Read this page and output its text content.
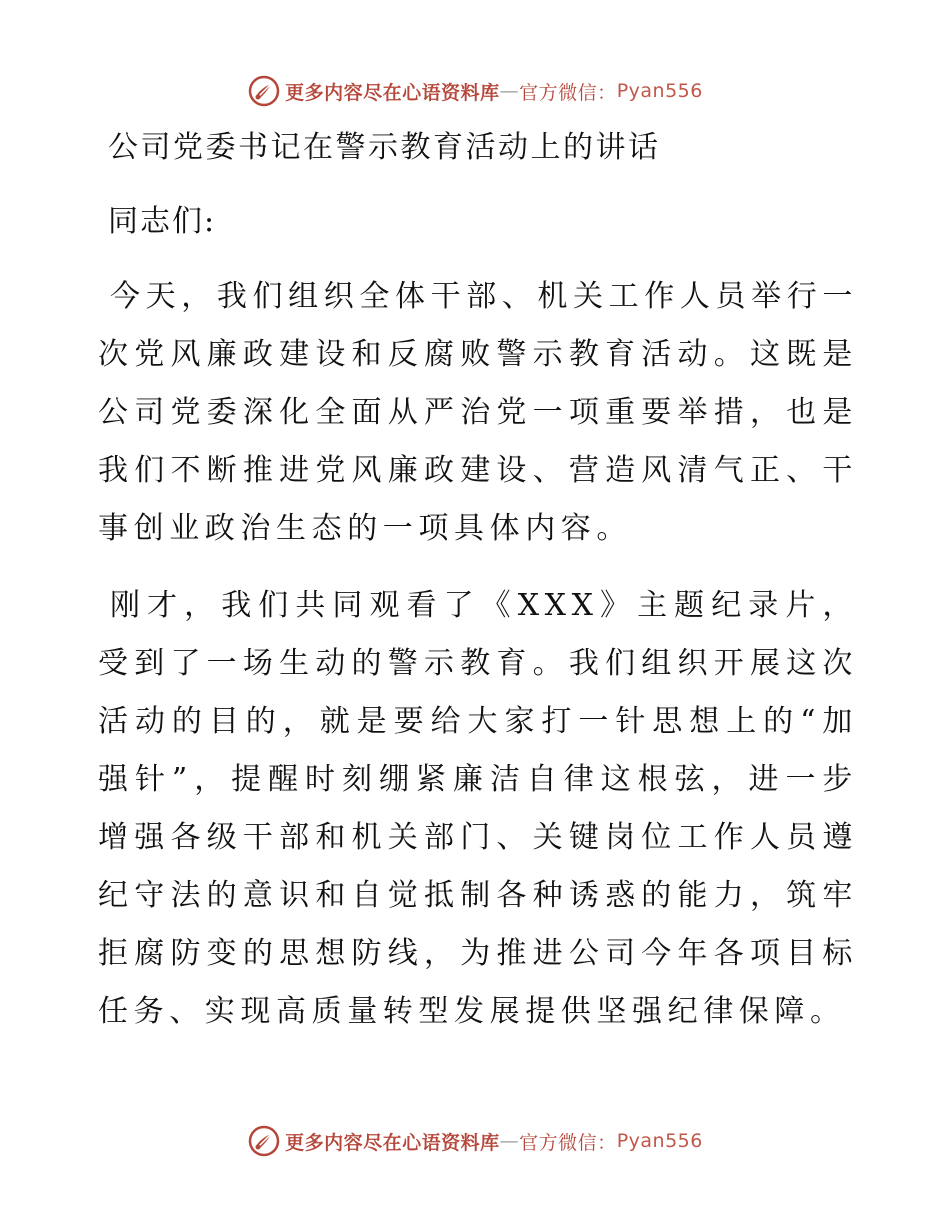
更多内容尽在心语资料库 — 官方微信： Pyan556
公司党委书记在警示教育活动上的讲话

同志们:

今天，我们组织全体干部、机关工作人员举行一次党风廉政建设和反腐败警示教育活动。这既是公司党委深化全面从严治党一项重要举措，也是我们不断推进党风廉政建设、营造风清气正、干事创业政治生态的一项具体内容。

刚才，我们共同观看了《XXX》主题纪录片，受到了一场生动的警示教育。我们组织开展这次活动的目的，就是要给大家打一针思想上的“加强针”，提醒时刻绷紧廉洁自律这根弦，进一步增强各级干部和机关部门、关键岗位工作人员遵纪守法的意识和自觉抵制各种诱惑的能力，筑牢拒腐防变的思想防线，为推进公司今年各项目标任务、实现高质量转型发展提供坚强纪律保障。

更多内容尽在心语资料库 — 官方微信： Pyan556
